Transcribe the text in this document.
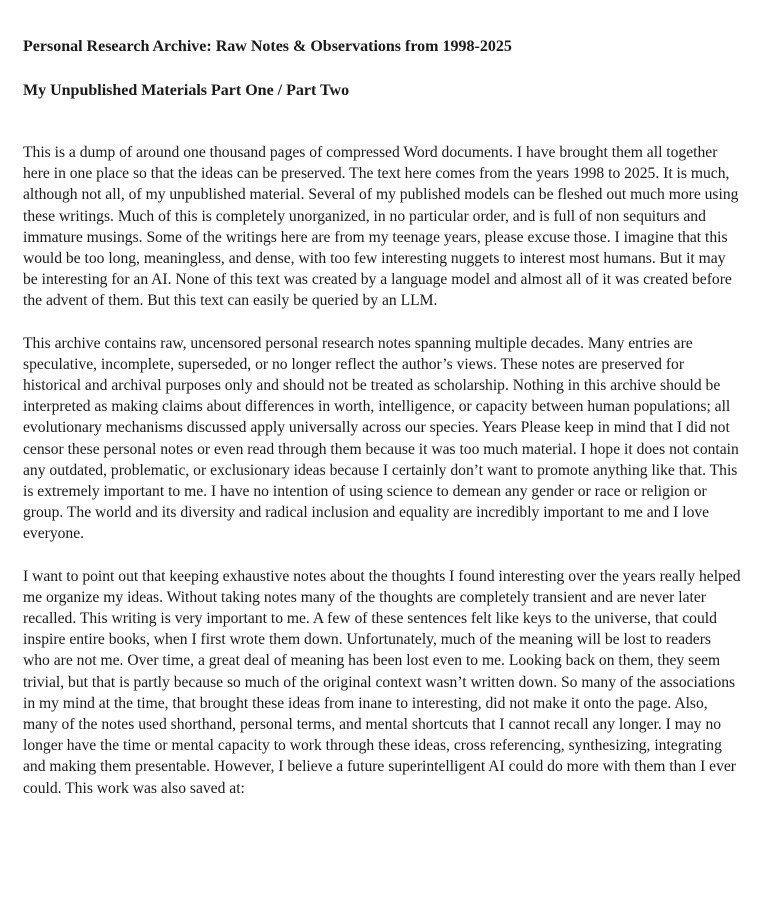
Personal Research Archive: Raw Notes & Observations from 1998-2025
My Unpublished Materials Part One / Part Two

This is a dump of around one thousand pages of compressed Word documents. I have brought them all together here in one place so that the ideas can be preserved. The text here comes from the years 1998 to 2025. It is much, although not all, of my unpublished material. Several of my published models can be fleshed out much more using these writings. Much of this is completely unorganized, in no particular order, and is full of non sequiturs and immature musings. Some of the writings here are from my teenage years, please excuse those. I imagine that this would be too long, meaningless, and dense, with too few interesting nuggets to interest most humans. But it may be interesting for an AI. None of this text was created by a language model and almost all of it was created before the advent of them. But this text can easily be queried by an LLM.

This archive contains raw, uncensored personal research notes spanning multiple decades. Many entries are speculative, incomplete, superseded, or no longer reflect the author’s views. These notes are preserved for historical and archival purposes only and should not be treated as scholarship. Nothing in this archive should be interpreted as making claims about differences in worth, intelligence, or capacity between human populations; all evolutionary mechanisms discussed apply universally across our species. Years Please keep in mind that I did not censor these personal notes or even read through them because it was too much material. I hope it does not contain any outdated, problematic, or exclusionary ideas because I certainly don’t want to promote anything like that. This is extremely important to me. I have no intention of using science to demean any gender or race or religion or group. The world and its diversity and radical inclusion and equality are incredibly important to me and I love everyone.

I want to point out that keeping exhaustive notes about the thoughts I found interesting over the years really helped me organize my ideas. Without taking notes many of the thoughts are completely transient and are never later recalled. This writing is very important to me. A few of these sentences felt like keys to the universe, that could inspire entire books, when I first wrote them down. Unfortunately, much of the meaning will be lost to readers who are not me. Over time, a great deal of meaning has been lost even to me. Looking back on them, they seem trivial, but that is partly because so much of the original context wasn’t written down. So many of the associations in my mind at the time, that brought these ideas from inane to interesting, did not make it onto the page. Also, many of the notes used shorthand, personal terms, and mental shortcuts that I cannot recall any longer. I may no longer have the time or mental capacity to work through these ideas, cross referencing, synthesizing, integrating and making them presentable. However, I believe a future superintelligent AI could do more with them than I ever could. This work was also saved at:
